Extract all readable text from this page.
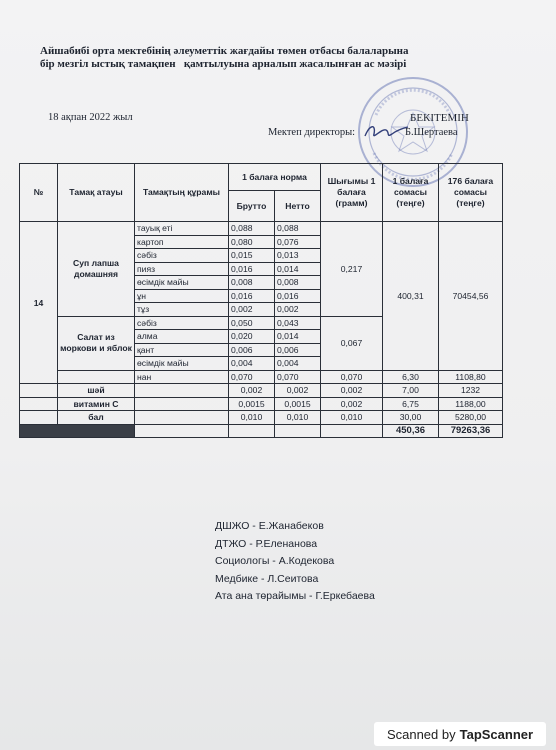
Айшабибі орта мектебінің әлеуметтік жағдайы төмен отбасы балаларына
бір мезгіл ыстық тамақпен   қамтылуына арналып жасалынған ас мәзірі
18 ақпан 2022 жыл	БЕКІТЕМІН
Мектеп директоры:	Б.Шертаева
№	Тамақ атауы	Тамақтың құрамы	1 балаға норма		Шығымы 1 балаға (грамм)	1 балаға сомасы (теңге)	176 балаға сомасы (теңге)
			Брутто	Нетто			
14	Суп лапша домашняя	тауық еті	0,088	0,088	0,217	400,31	70454,56
		картоп	0,080	0,076			
		сәбіз	0,015	0,013			
		пияз	0,016	0,014			
		өсімдік майы	0,008	0,008			
		ұн	0,016	0,016			
		тұз	0,002	0,002			
	Салат из моркови и яблок	сәбіз	0,050	0,043	0,067		
		алма	0,020	0,014			
		қант	0,006	0,006			
		өсімдік майы	0,004	0,004			
		нан	0,070	0,070	0,070	6,30	1108,80
	шәй		0,002	0,002	0,002	7,00	1232
	витамин С		0,0015	0,0015	0,002	6,75	1188,00
	бал		0,010	0,010	0,010	30,00	5280,00
						450,36	79263,36
ДШЖО - Е.Жанабеков
ДТЖО - Р.Еленанова
Социологы - А.Кодекова
Медбике - Л.Сеитова
Ата ана төрайымы - Г.Еркебаева
Scanned by TapScanner
